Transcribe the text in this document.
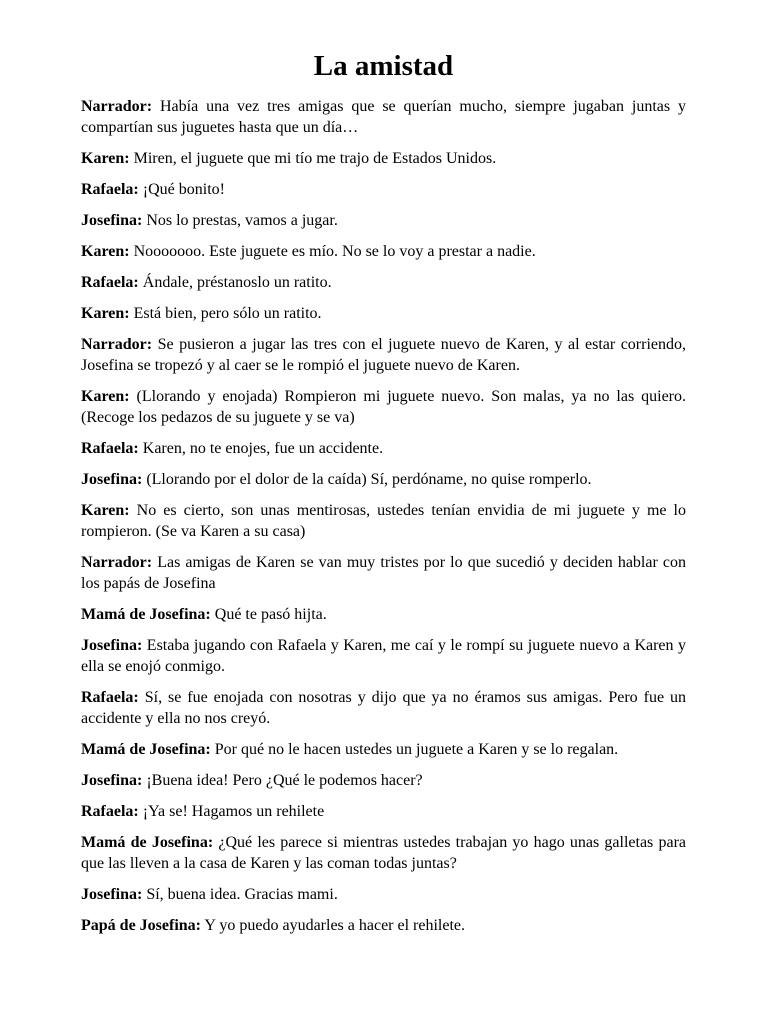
La amistad

Narrador: Había una vez tres amigas que se querían mucho, siempre jugaban juntas y compartían sus juguetes hasta que un día…

Karen: Miren, el juguete que mi tío me trajo de Estados Unidos.

Rafaela: ¡Qué bonito!

Josefina: Nos lo prestas, vamos a jugar.

Karen: Nooooooo. Este juguete es mío. No se lo voy a prestar a nadie.

Rafaela: Ándale, préstanoslo un ratito.

Karen: Está bien, pero sólo un ratito.

Narrador: Se pusieron a jugar las tres con el juguete nuevo de Karen, y al estar corriendo, Josefina se tropezó y al caer se le rompió el juguete nuevo de Karen.

Karen: (Llorando y enojada) Rompieron mi juguete nuevo. Son malas, ya no las quiero. (Recoge los pedazos de su juguete y se va)

Rafaela: Karen, no te enojes, fue un accidente.

Josefina: (Llorando por el dolor de la caída) Sí, perdóname, no quise romperlo.

Karen: No es cierto, son unas mentirosas, ustedes tenían envidia de mi juguete y me lo rompieron. (Se va Karen a su casa)

Narrador: Las amigas de Karen se van muy tristes por lo que sucedió y deciden hablar con los papás de Josefina

Mamá de Josefina: Qué te pasó hijta.

Josefina: Estaba jugando con Rafaela y Karen, me caí y le rompí su juguete nuevo a Karen y ella se enojó conmigo.

Rafaela: Sí, se fue enojada con nosotras y dijo que ya no éramos sus amigas. Pero fue un accidente y ella no nos creyó.

Mamá de Josefina: Por qué no le hacen ustedes un juguete a Karen y se lo regalan.

Josefina: ¡Buena idea! Pero ¿Qué le podemos hacer?

Rafaela: ¡Ya se! Hagamos un rehilete

Mamá de Josefina: ¿Qué les parece si mientras ustedes trabajan yo hago unas galletas para que las lleven a la casa de Karen y las coman todas juntas?

Josefina: Sí, buena idea. Gracias mami.

Papá de Josefina: Y yo puedo ayudarles a hacer el rehilete.
